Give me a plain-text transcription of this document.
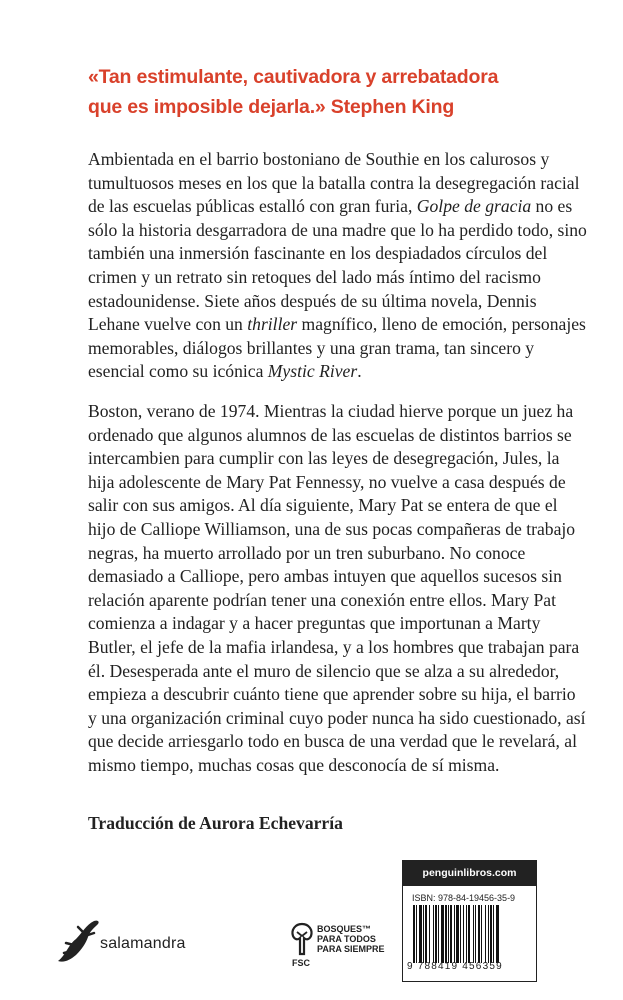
«Tan estimulante, cautivadora y arrebatadora
que es imposible dejarla.» Stephen King
Ambientada en el barrio bostoniano de Southie en los calurosos y tumultuosos meses en los que la batalla contra la desegregación racial de las escuelas públicas estalló con gran furia, Golpe de gracia no es sólo la historia desgarradora de una madre que lo ha perdido todo, sino también una inmersión fascinante en los despiadados círculos del crimen y un retrato sin retoques del lado más íntimo del racismo estadounidense. Siete años después de su última novela, Dennis Lehane vuelve con un thriller magnífico, lleno de emoción, personajes memorables, diálogos brillantes y una gran trama, tan sincero y esencial como su icónica Mystic River.
Boston, verano de 1974. Mientras la ciudad hierve porque un juez ha ordenado que algunos alumnos de las escuelas de distintos barrios se intercambien para cumplir con las leyes de desegregación, Jules, la hija adolescente de Mary Pat Fennessy, no vuelve a casa después de salir con sus amigos. Al día siguiente, Mary Pat se entera de que el hijo de Calliope Williamson, una de sus pocas compañeras de trabajo negras, ha muerto arrollado por un tren suburbano. No conoce demasiado a Calliope, pero ambas intuyen que aquellos sucesos sin relación aparente podrían tener una conexión entre ellos. Mary Pat comienza a indagar y a hacer preguntas que importunan a Marty Butler, el jefe de la mafia irlandesa, y a los hombres que trabajan para él. Desesperada ante el muro de silencio que se alza a su alrededor, empieza a descubrir cuánto tiene que aprender sobre su hija, el barrio y una organización criminal cuyo poder nunca ha sido cuestionado, así que decide arriesgarlo todo en busca de una verdad que le revelará, al mismo tiempo, muchas cosas que desconocía de sí misma.
Traducción de Aurora Echevarría
salamandra
FSC
BOSQUES™
PARA TODOS
PARA SIEMPRE
penguinlibros.com
ISBN: 978-84-19456-35-9
9 788419 456359
